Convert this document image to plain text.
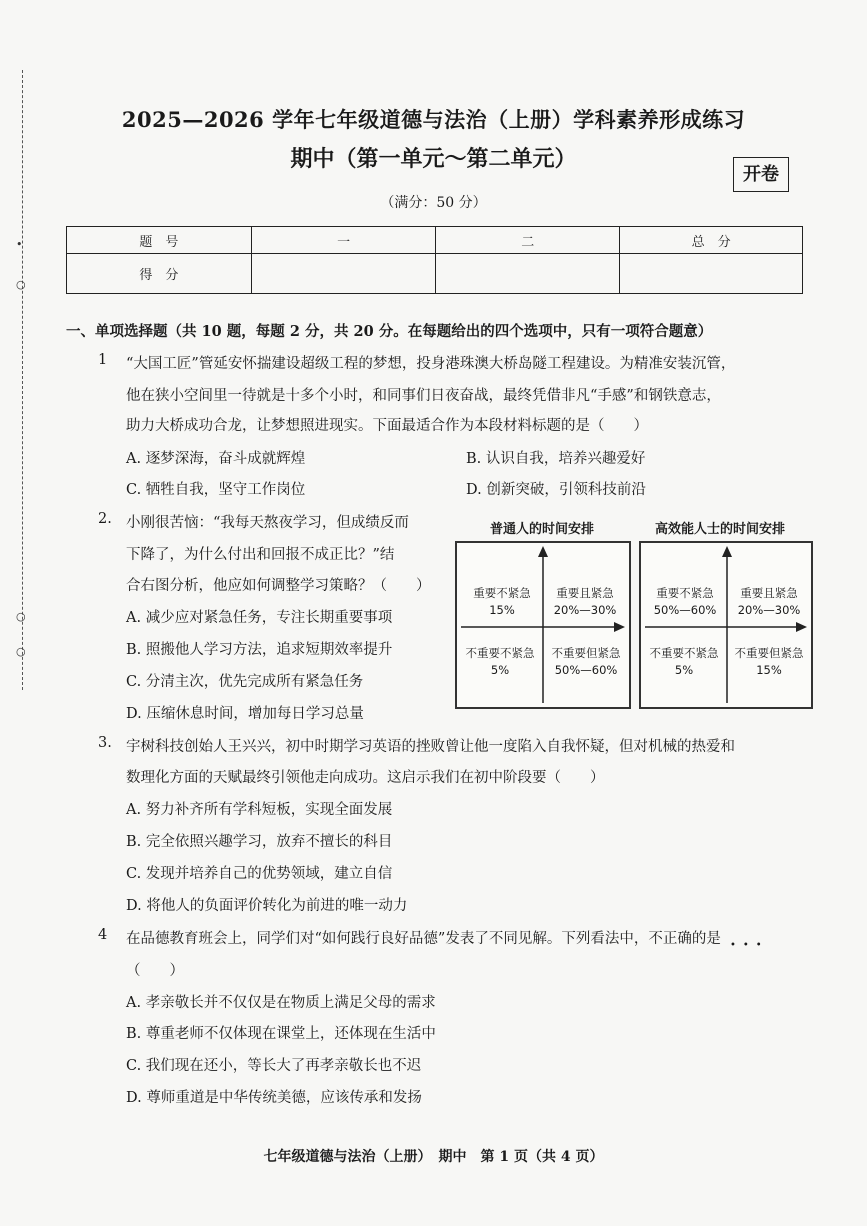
•
○
○
○
2025—2026 学年七年级道德与法治（上册）学科素养形成练习
期中（第一单元～第二单元）
开卷
（满分：50 分）
题　号	一	二	总　分
得　分			
一、单项选择题（共 10 题，每题 2 分，共 20 分。在每题给出的四个选项中，只有一项符合题意）
1 “大国工匠”管延安怀揣建设超级工程的梦想，投身港珠澳大桥岛隧工程建设。为精准安装沉管，
他在狭小空间里一待就是十多个小时，和同事们日夜奋战，最终凭借非凡“手感”和钢铁意志，
助力大桥成功合龙，让梦想照进现实。下面最适合作为本段材料标题的是（　　）
A. 逐梦深海，奋斗成就辉煌	B. 认识自我，培养兴趣爱好
C. 牺牲自我，坚守工作岗位	D. 创新突破，引领科技前沿
2. 小刚很苦恼：“我每天熬夜学习，但成绩反而
下降了，为什么付出和回报不成正比？”结
合右图分析，他应如何调整学习策略？（　　）
A. 减少应对紧急任务，专注长期重要事项
B. 照搬他人学习方法，追求短期效率提升
C. 分清主次，优先完成所有紧急任务
D. 压缩休息时间，增加每日学习总量
普通人的时间安排
重要不紧急
15%
重要且紧急
20%—30%
不重要不紧急
5%
不重要但紧急
50%—60%
高效能人士的时间安排
重要不紧急
50%—60%
重要且紧急
20%—30%
不重要不紧急
5%
不重要但紧急
15%
3. 宇树科技创始人王兴兴，初中时期学习英语的挫败曾让他一度陷入自我怀疑，但对机械的热爱和
数理化方面的天赋最终引领他走向成功。这启示我们在初中阶段要（　　）
A. 努力补齐所有学科短板，实现全面发展
B. 完全依照兴趣学习，放弃不擅长的科目
C. 发现并培养自己的优势领域，建立自信
D. 将他人的负面评价转化为前进的唯一动力
4 在品德教育班会上，同学们对“如何践行良好品德”发表了不同见解。下列看法中，不正确的是 •••
（　　）
A. 孝亲敬长并不仅仅是在物质上满足父母的需求
B. 尊重老师不仅体现在课堂上，还体现在生活中
C. 我们现在还小，等长大了再孝亲敬长也不迟
D. 尊师重道是中华传统美德，应该传承和发扬
七年级道德与法治（上册）　期中　第 1 页（共 4 页）
